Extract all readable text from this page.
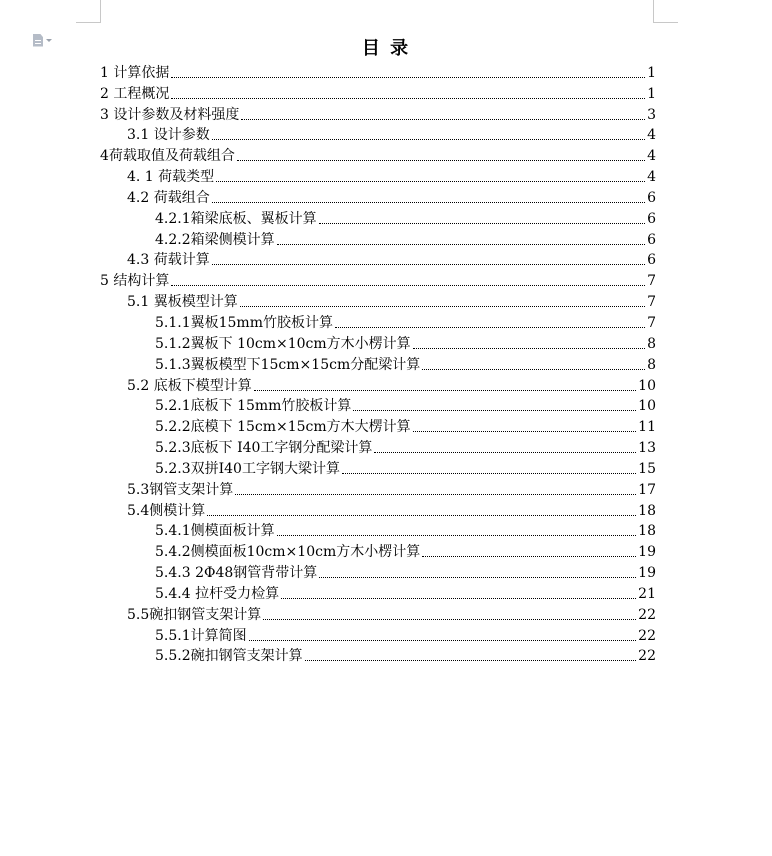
目 录
1 计算依据	1
2 工程概况	1
3 设计参数及材料强度	3
3.1 设计参数	4
4荷载取值及荷载组合	4
4. 1 荷载类型	4
4.2 荷载组合	6
4.2.1箱梁底板、翼板计算	6
4.2.2箱梁侧模计算	6
4.3 荷载计算	6
5 结构计算	7
5.1 翼板模型计算	7
5.1.1翼板15mm竹胶板计算	7
5.1.2翼板下 10cm×10cm方木小楞计算	8
5.1.3翼板模型下15cm×15cm分配梁计算	8
5.2 底板下模型计算	10
5.2.1底板下 15mm竹胶板计算	10
5.2.2底模下 15cm×15cm方木大楞计算	11
5.2.3底板下 I40工字钢分配梁计算	13
5.2.3双拼I40工字钢大梁计算	15
5.3钢管支架计算	17
5.4侧模计算	18
5.4.1侧模面板计算	18
5.4.2侧模面板10cm×10cm方木小楞计算	19
5.4.3 2Φ48钢管背带计算	19
5.4.4 拉杆受力检算	21
5.5碗扣钢管支架计算	22
5.5.1计算简图	22
5.5.2碗扣钢管支架计算	22
